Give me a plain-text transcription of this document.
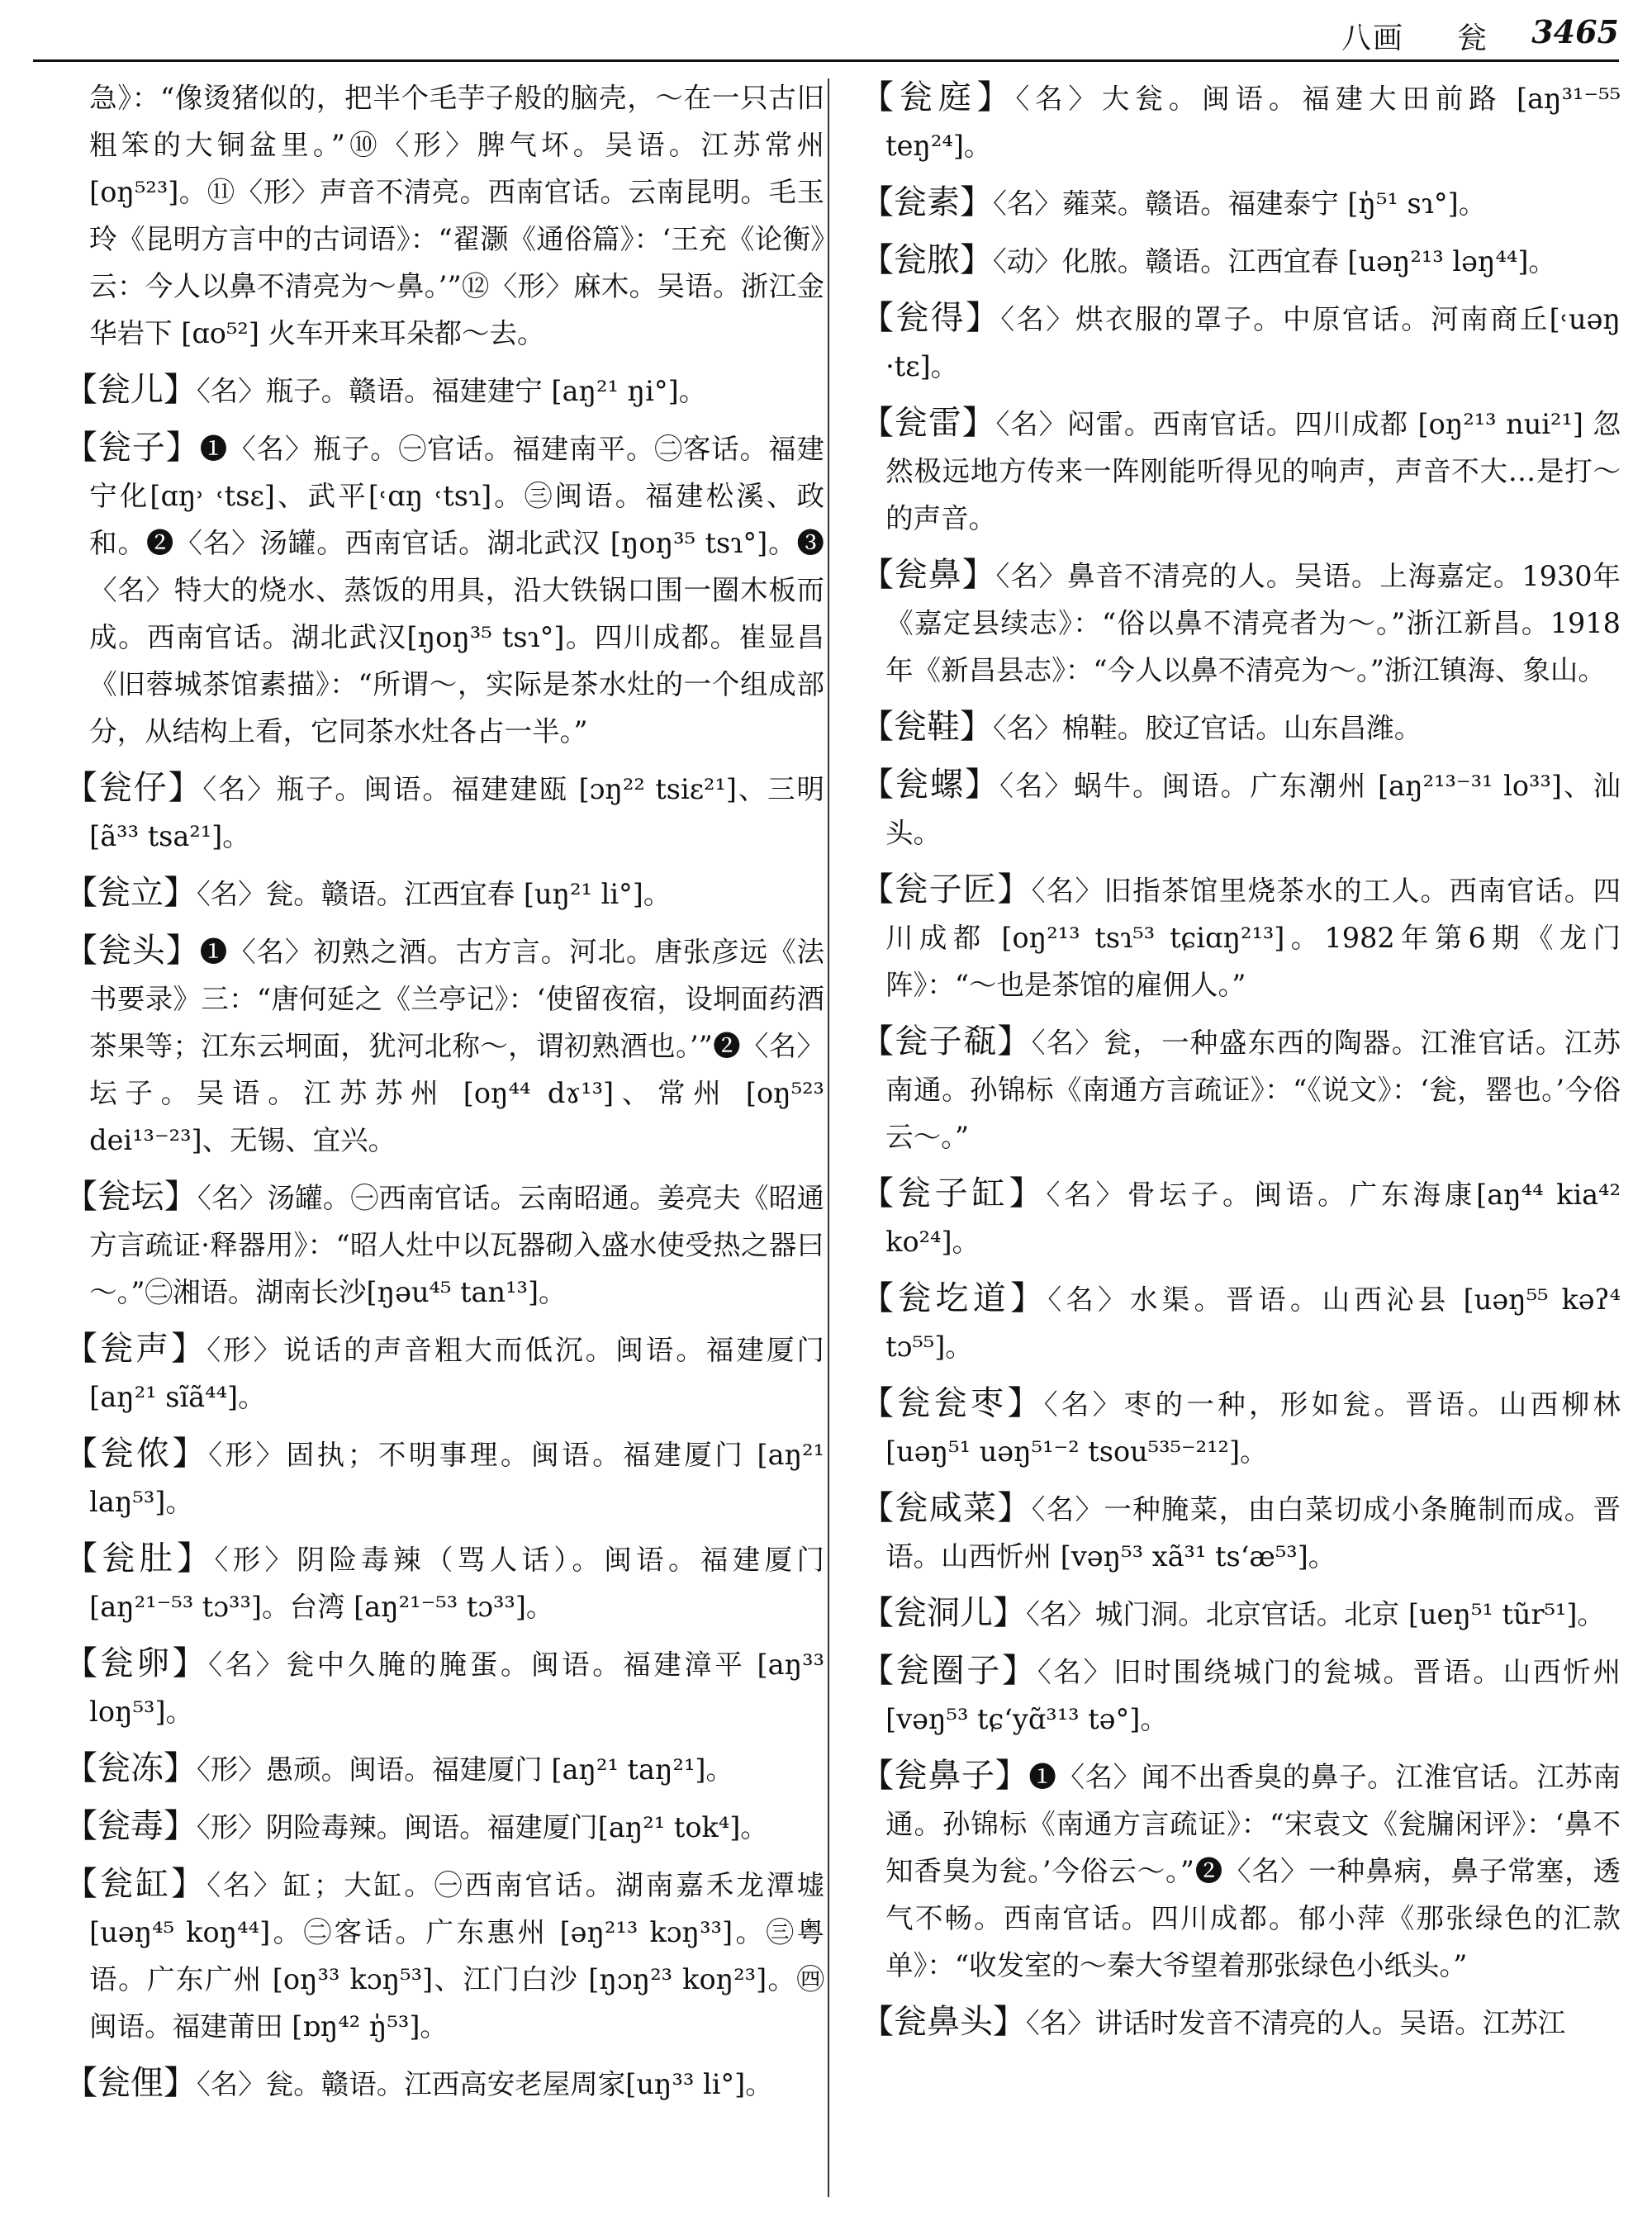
八画 瓮 3465
急》：“像烫猪似的，把半个毛芋子般的脑壳，～在一只古旧粗笨的大铜盆里。”⑩〈形〉脾气坏。吴语。江苏常州 [oŋ⁵²³]。⑪〈形〉声音不清亮。西南官话。云南昆明。毛玉玲《昆明方言中的古词语》：“翟灏《通俗篇》：‘王充《论衡》云：今人以鼻不清亮为～鼻。’”⑫〈形〉麻木。吴语。浙江金华岩下 [ɑo⁵²] 火车开来耳朵都～去。
【瓮儿】〈名〉瓶子。赣语。福建建宁 [aŋ²¹ ŋi°]。
【瓮子】❶〈名〉瓶子。㊀官话。福建南平。㊁客话。福建宁化[ɑŋ˒ ˓tsɛ]、武平[˓ɑŋ ˓tsɿ]。㊂闽语。福建松溪、政和。❷〈名〉汤罐。西南官话。湖北武汉 [ŋoŋ³⁵ tsɿ°]。❸〈名〉特大的烧水、蒸饭的用具，沿大铁锅口围一圈木板而成。西南官话。湖北武汉[ŋoŋ³⁵ tsɿ°]。四川成都。崔显昌《旧蓉城茶馆素描》：“所谓～，实际是茶水灶的一个组成部分，从结构上看，它同茶水灶各占一半。”
【瓮仔】〈名〉瓶子。闽语。福建建瓯 [ɔŋ²² tsiɛ²¹]、三明 [ã³³ tsa²¹]。
【瓮立】〈名〉瓮。赣语。江西宜春 [uŋ²¹ li°]。
【瓮头】❶〈名〉初熟之酒。古方言。河北。唐张彦远《法书要录》三：“唐何延之《兰亭记》：‘使留夜宿，设坰面药酒茶果等；江东云坰面，犹河北称～，谓初熟酒也。’”❷〈名〉坛子。吴语。江苏苏州 [oŋ⁴⁴ dɤ¹³]、常州 [oŋ⁵²³ dei¹³⁻²³]、无锡、宜兴。
【瓮坛】〈名〉汤罐。㊀西南官话。云南昭通。姜亮夫《昭通方言疏证·释器用》：“昭人灶中以瓦器砌入盛水使受热之器曰～。”㊁湘语。湖南长沙[ŋəu⁴⁵ tan¹³]。
【瓮声】〈形〉说话的声音粗大而低沉。闽语。福建厦门 [aŋ²¹ sĩã⁴⁴]。
【瓮侬】〈形〉固执；不明事理。闽语。福建厦门 [aŋ²¹ laŋ⁵³]。
【瓮肚】〈形〉阴险毒辣（骂人话）。闽语。福建厦门 [aŋ²¹⁻⁵³ tɔ³³]。台湾 [aŋ²¹⁻⁵³ tɔ³³]。
【瓮卵】〈名〉瓮中久腌的腌蛋。闽语。福建漳平 [aŋ³³ loŋ⁵³]。
【瓮冻】〈形〉愚顽。闽语。福建厦门 [aŋ²¹ taŋ²¹]。
【瓮毒】〈形〉阴险毒辣。闽语。福建厦门[aŋ²¹ tok⁴]。
【瓮缸】〈名〉缸；大缸。㊀西南官话。湖南嘉禾龙潭墟 [uəŋ⁴⁵ koŋ⁴⁴]。㊁客话。广东惠州 [əŋ²¹³ kɔŋ³³]。㊂粤语。广东广州 [oŋ³³ kɔŋ⁵³]、江门白沙 [ŋɔŋ²³ koŋ²³]。㊃闽语。福建莆田 [ɒŋ⁴² ŋ̍⁵³]。
【瓮俚】〈名〉瓮。赣语。江西高安老屋周家[uŋ³³ li°]。
【瓮庭】〈名〉大瓮。闽语。福建大田前路 [aŋ³¹⁻⁵⁵ teŋ²⁴]。
【瓮素】〈名〉蕹菜。赣语。福建泰宁 [ŋ̍⁵¹ sɿ°]。
【瓮脓】〈动〉化脓。赣语。江西宜春 [uəŋ²¹³ ləŋ⁴⁴]。
【瓮得】〈名〉烘衣服的罩子。中原官话。河南商丘[˓uəŋ ·tɛ]。
【瓮雷】〈名〉闷雷。西南官话。四川成都 [oŋ²¹³ nui²¹] 忽然极远地方传来一阵刚能听得见的响声，声音不大…是打～的声音。
【瓮鼻】〈名〉鼻音不清亮的人。吴语。上海嘉定。1930年《嘉定县续志》：“俗以鼻不清亮者为～。”浙江新昌。1918年《新昌县志》：“今人以鼻不清亮为～。”浙江镇海、象山。
【瓮鞋】〈名〉棉鞋。胶辽官话。山东昌潍。
【瓮螺】〈名〉蜗牛。闽语。广东潮州 [aŋ²¹³⁻³¹ lo³³]、汕头。
【瓮子匠】〈名〉旧指茶馆里烧茶水的工人。西南官话。四川成都 [oŋ²¹³ tsɿ⁵³ tɕiɑŋ²¹³]。1982年第6期《龙门阵》：“～也是茶馆的雇佣人。”
【瓮子瓻】〈名〉瓮，一种盛东西的陶器。江淮官话。江苏南通。孙锦标《南通方言疏证》：“《说文》：‘瓮，罂也。’今俗云～。”
【瓮子缸】〈名〉骨坛子。闽语。广东海康[aŋ⁴⁴ kia⁴² ko²⁴]。
【瓮圪道】〈名〉水渠。晋语。山西沁县 [uəŋ⁵⁵ kəʔ⁴ tɔ⁵⁵]。
【瓮瓮枣】〈名〉枣的一种，形如瓮。晋语。山西柳林 [uəŋ⁵¹ uəŋ⁵¹⁻² tsou⁵³⁵⁻²¹²]。
【瓮咸菜】〈名〉一种腌菜，由白菜切成小条腌制而成。晋语。山西忻州 [vəŋ⁵³ xã³¹ ts‘æ⁵³]。
【瓮洞儿】〈名〉城门洞。北京官话。北京 [ueŋ⁵¹ tũr⁵¹]。
【瓮圈子】〈名〉旧时围绕城门的瓮城。晋语。山西忻州 [vəŋ⁵³ tɕ‘yɑ̃³¹³ tə°]。
【瓮鼻子】❶〈名〉闻不出香臭的鼻子。江淮官话。江苏南通。孙锦标《南通方言疏证》：“宋袁文《瓮牖闲评》：‘鼻不知香臭为瓮。’今俗云～。”❷〈名〉一种鼻病，鼻子常塞，透气不畅。西南官话。四川成都。郁小萍《那张绿色的汇款单》：“收发室的～秦大爷望着那张绿色小纸头。”
【瓮鼻头】〈名〉讲话时发音不清亮的人。吴语。江苏江
